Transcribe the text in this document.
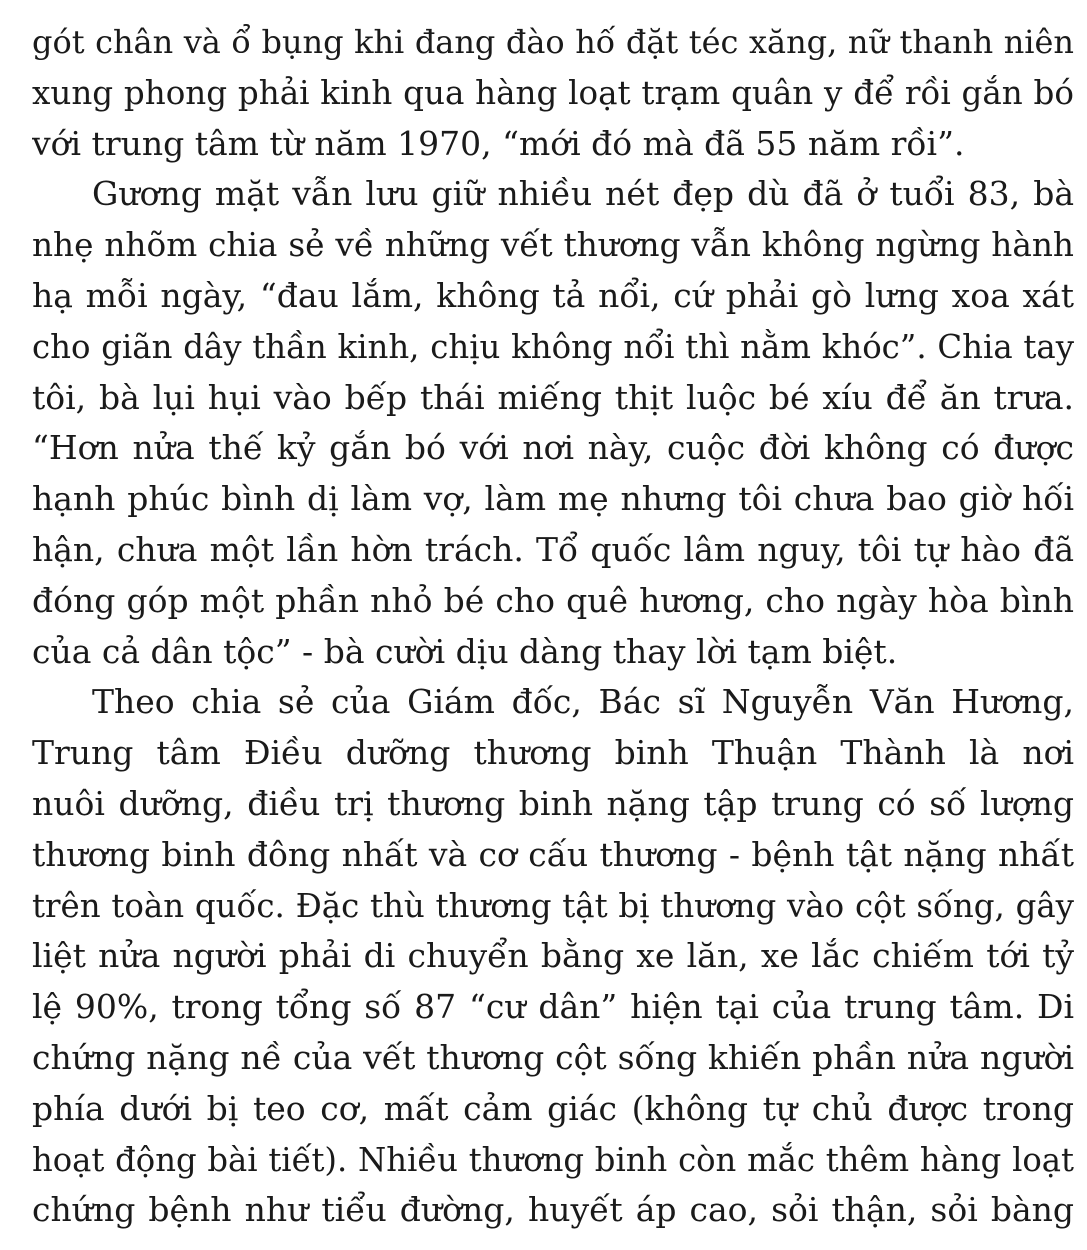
gót chân và ổ bụng khi đang đào hố đặt téc xăng, nữ thanh niên
xung phong phải kinh qua hàng loạt trạm quân y để rồi gắn bó
với trung tâm từ năm 1970, “mới đó mà đã 55 năm rồi”.
Gương mặt vẫn lưu giữ nhiều nét đẹp dù đã ở tuổi 83, bà
nhẹ nhõm chia sẻ về những vết thương vẫn không ngừng hành
hạ mỗi ngày, “đau lắm, không tả nổi, cứ phải gò lưng xoa xát
cho giãn dây thần kinh, chịu không nổi thì nằm khóc”. Chia tay
tôi, bà lụi hụi vào bếp thái miếng thịt luộc bé xíu để ăn trưa.
“Hơn nửa thế kỷ gắn bó với nơi này, cuộc đời không có được
hạnh phúc bình dị làm vợ, làm mẹ nhưng tôi chưa bao giờ hối
hận, chưa một lần hờn trách. Tổ quốc lâm nguy, tôi tự hào đã
đóng góp một phần nhỏ bé cho quê hương, cho ngày hòa bình
của cả dân tộc” - bà cười dịu dàng thay lời tạm biệt.
Theo chia sẻ của Giám đốc, Bác sĩ Nguyễn Văn Hương,
Trung tâm Điều dưỡng thương binh Thuận Thành là nơi
nuôi dưỡng, điều trị thương binh nặng tập trung có số lượng
thương binh đông nhất và cơ cấu thương - bệnh tật nặng nhất
trên toàn quốc. Đặc thù thương tật bị thương vào cột sống, gây
liệt nửa người phải di chuyển bằng xe lăn, xe lắc chiếm tới tỷ
lệ 90%, trong tổng số 87 “cư dân” hiện tại của trung tâm. Di
chứng nặng nề của vết thương cột sống khiến phần nửa người
phía dưới bị teo cơ, mất cảm giác (không tự chủ được trong
hoạt động bài tiết). Nhiều thương binh còn mắc thêm hàng loạt
chứng bệnh như tiểu đường, huyết áp cao, sỏi thận, sỏi bàng
